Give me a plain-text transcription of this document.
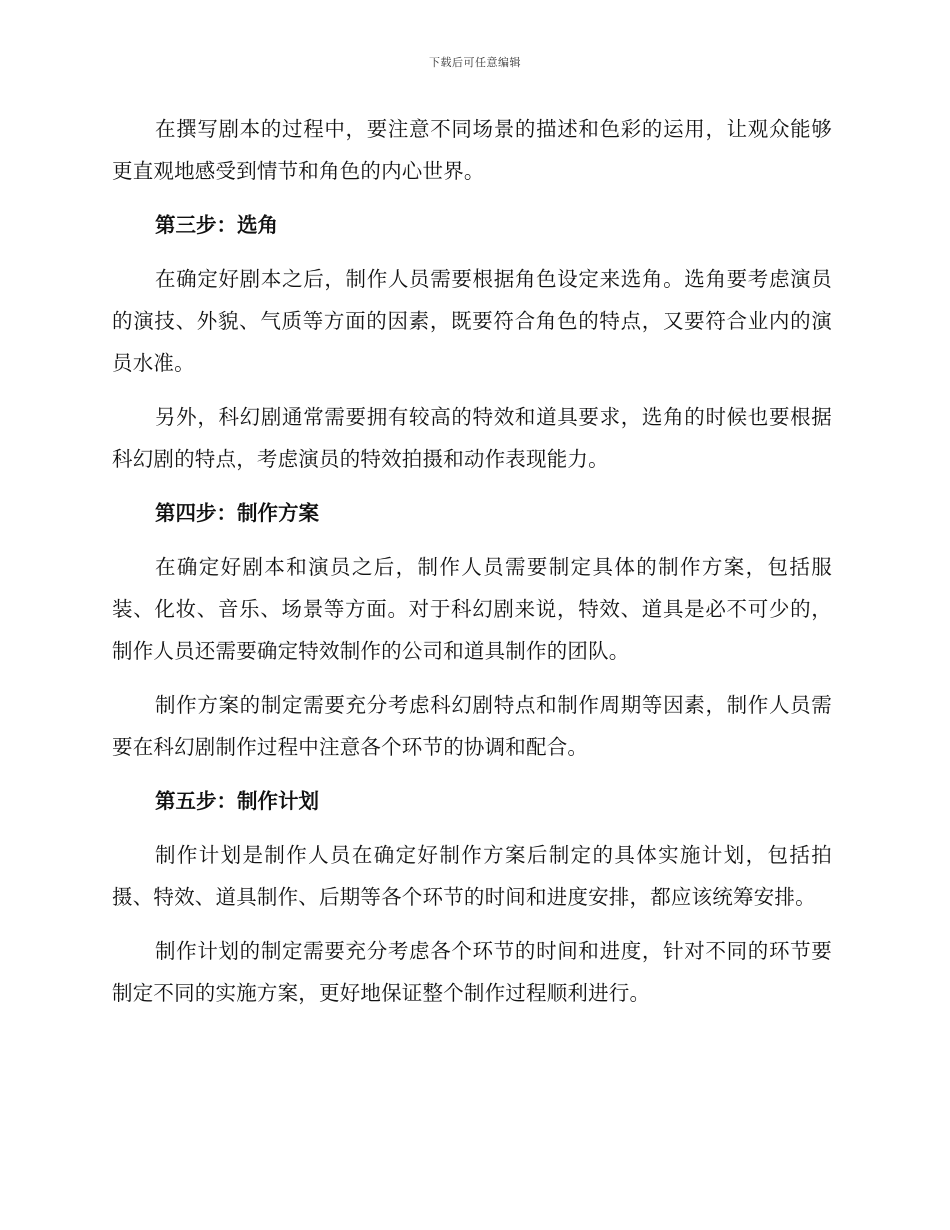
下载后可任意编辑

在撰写剧本的过程中，要注意不同场景的描述和色彩的运用，让观众能够更直观地感受到情节和角色的内心世界。

第三步：选角

在确定好剧本之后，制作人员需要根据角色设定来选角。选角要考虑演员的演技、外貌、气质等方面的因素，既要符合角色的特点，又要符合业内的演员水准。

另外，科幻剧通常需要拥有较高的特效和道具要求，选角的时候也要根据科幻剧的特点，考虑演员的特效拍摄和动作表现能力。

第四步：制作方案

在确定好剧本和演员之后，制作人员需要制定具体的制作方案，包括服装、化妆、音乐、场景等方面。对于科幻剧来说，特效、道具是必不可少的，制作人员还需要确定特效制作的公司和道具制作的团队。

制作方案的制定需要充分考虑科幻剧特点和制作周期等因素，制作人员需要在科幻剧制作过程中注意各个环节的协调和配合。

第五步：制作计划

制作计划是制作人员在确定好制作方案后制定的具体实施计划，包括拍摄、特效、道具制作、后期等各个环节的时间和进度安排，都应该统筹安排。

制作计划的制定需要充分考虑各个环节的时间和进度，针对不同的环节要制定不同的实施方案，更好地保证整个制作过程顺利进行。
